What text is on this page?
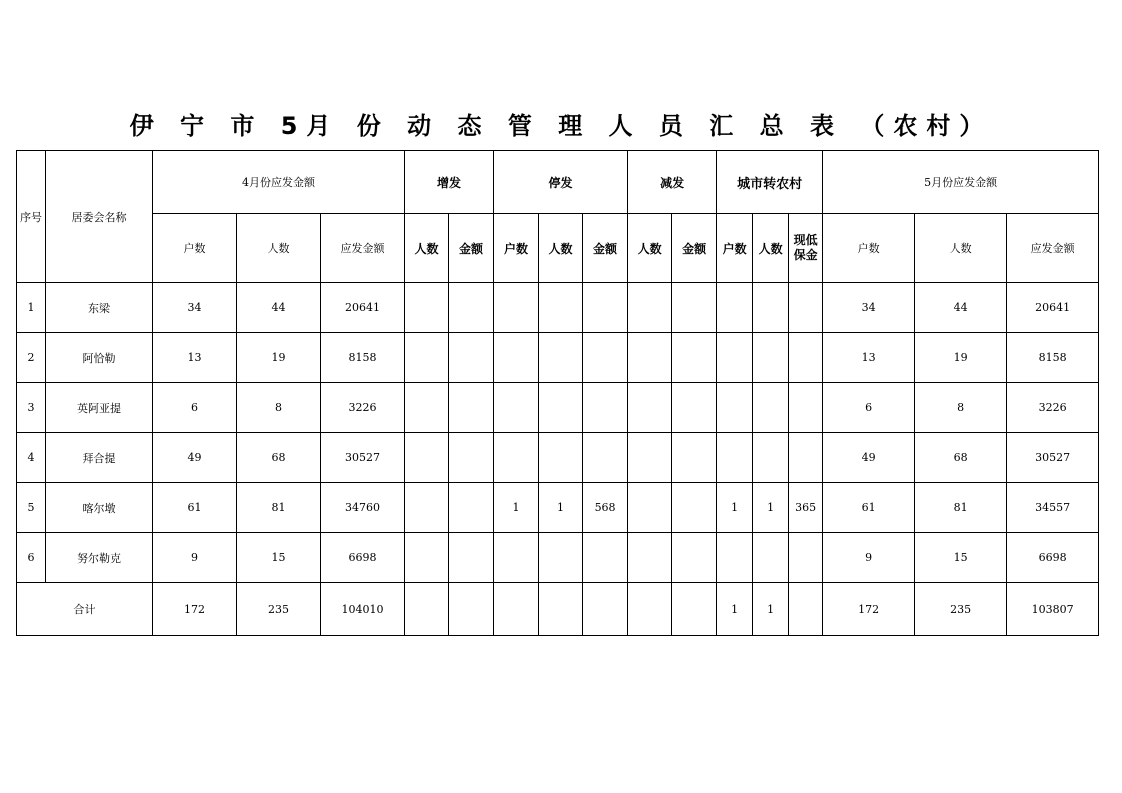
伊 宁 市 5月 份 动 态 管 理 人 员 汇 总 表 （农村）
序号	居委会名称	4月份应发金额			增发		停发			减发		城市转农村			5月份应发金额		
		户数	人数	应发金额	人数	金额	户数	人数	金额	人数	金额	户数	人数	现低
保金	户数	人数	应发金额
1	东梁	34	44	20641											34	44	20641
2	阿恰勒	13	19	8158											13	19	8158
3	英阿亚提	6	8	3226											6	8	3226
4	拜合提	49	68	30527											49	68	30527
5	喀尔墩	61	81	34760			1	1	568			1	1	365	61	81	34557
6	努尔勒克	9	15	6698											9	15	6698
合计		172	235	104010								1	1		172	235	103807
